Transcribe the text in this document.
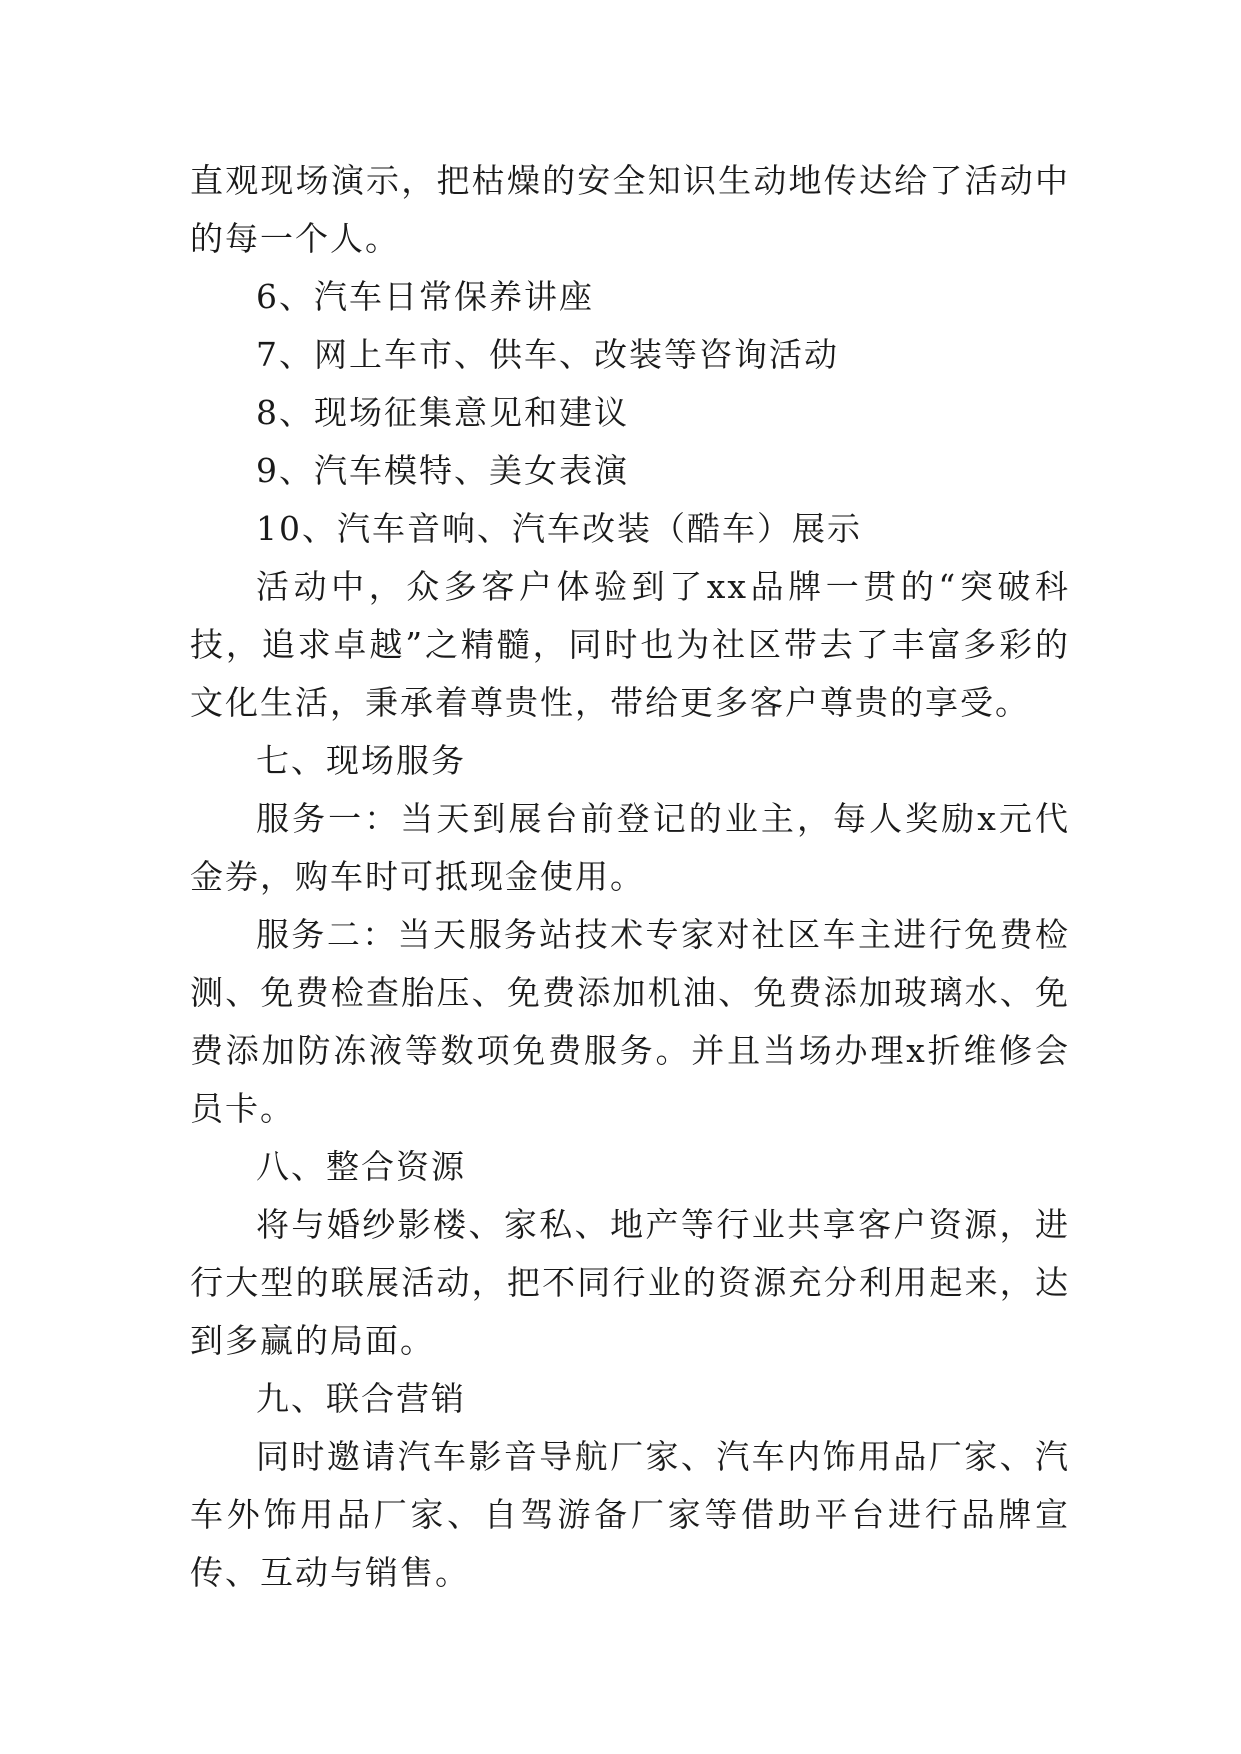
直观现场演示，把枯燥的安全知识生动地传达给了活动中的每一个人。

6、汽车日常保养讲座

7、网上车市、供车、改装等咨询活动

8、现场征集意见和建议

9、汽车模特、美女表演

10、汽车音响、汽车改装（酷车）展示

活动中，众多客户体验到了xx品牌一贯的“突破科技，追求卓越”之精髓，同时也为社区带去了丰富多彩的文化生活，秉承着尊贵性，带给更多客户尊贵的享受。

七、现场服务

服务一：当天到展台前登记的业主，每人奖励x元代金券，购车时可抵现金使用。

服务二：当天服务站技术专家对社区车主进行免费检测、免费检查胎压、免费添加机油、免费添加玻璃水、免费添加防冻液等数项免费服务。并且当场办理x折维修会员卡。

八、整合资源

将与婚纱影楼、家私、地产等行业共享客户资源，进行大型的联展活动，把不同行业的资源充分利用起来，达到多赢的局面。

九、联合营销

同时邀请汽车影音导航厂家、汽车内饰用品厂家、汽车外饰用品厂家、自驾游备厂家等借助平台进行品牌宣传、互动与销售。
